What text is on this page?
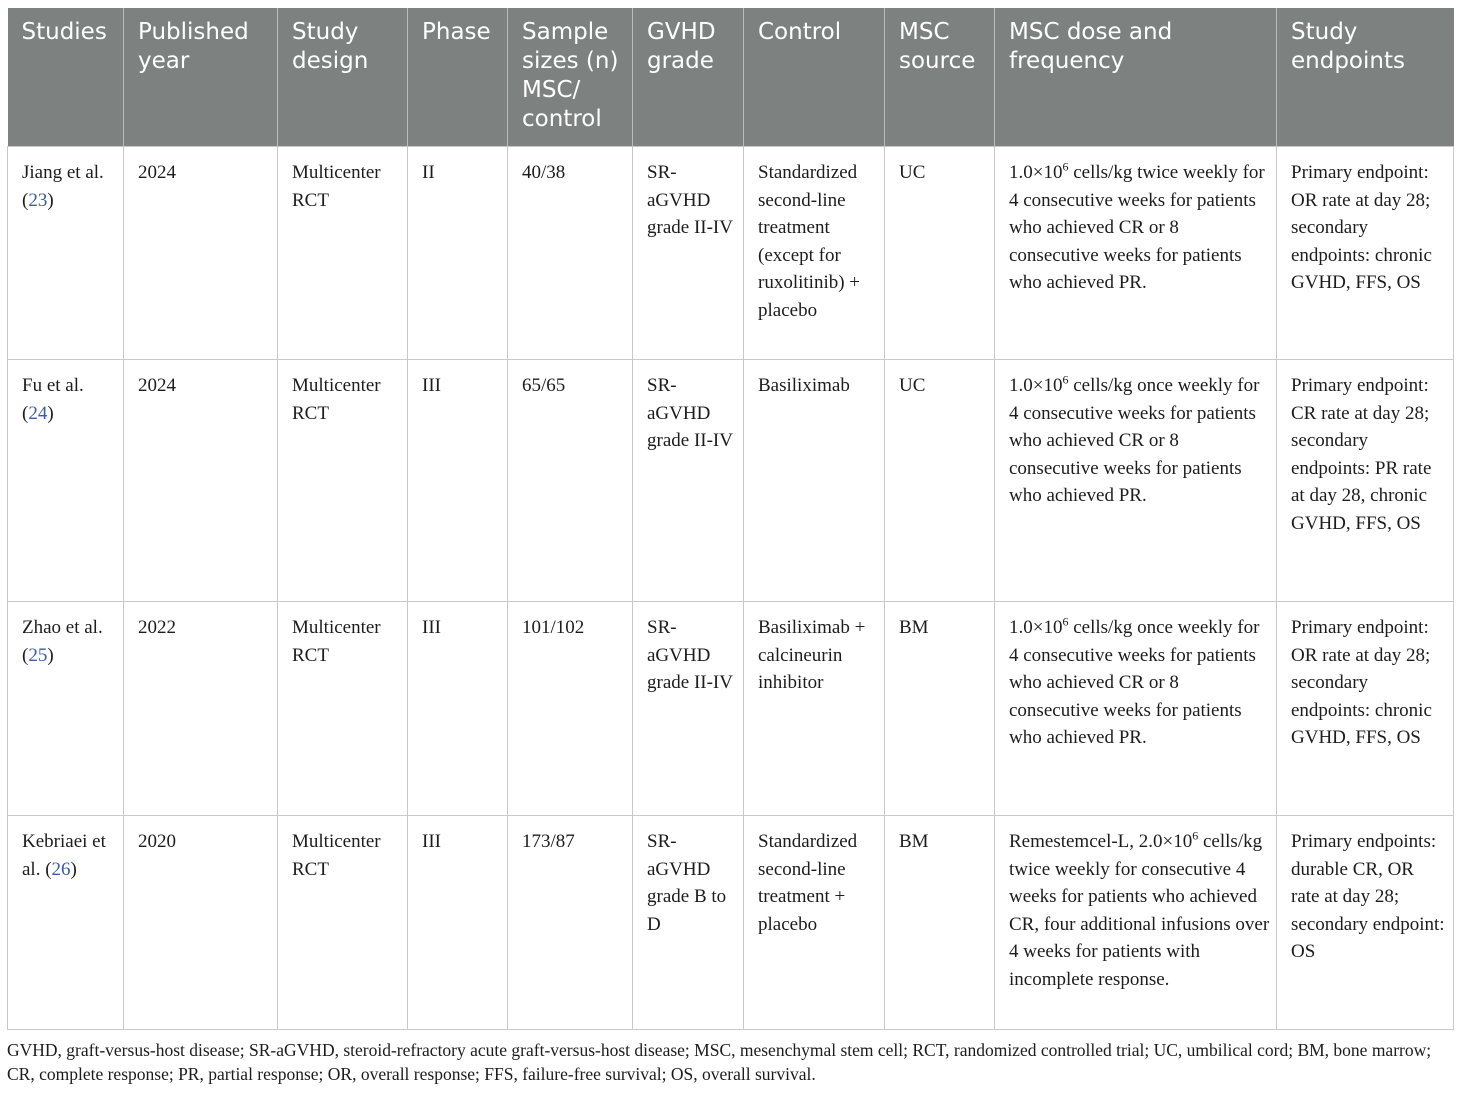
Studies	Published year	Study design	Phase	Sample sizes (n) MSC/ control	GVHD grade	Control	MSC source	MSC dose and frequency	Study endpoints
Jiang et al. (23)	2024	Multicenter RCT	II	40/38	SR-aGVHD grade II-IV	Standardized second-line treatment (except for ruxolitinib) + placebo	UC	$1.0\times 10^6$ cells/kg twice weekly for 4 consecutive weeks for patients who achieved CR or 8 consecutive weeks for patients who achieved PR.	Primary endpoint: OR rate at day 28; secondary endpoints: chronic GVHD, FFS, OS
Fu et al. (24)	2024	Multicenter RCT	III	65/65	SR-aGVHD grade II-IV	Basiliximab	UC	$1.0\times 10^6$ cells/kg once weekly for 4 consecutive weeks for patients who achieved CR or 8 consecutive weeks for patients who achieved PR.	Primary endpoint: CR rate at day 28; secondary endpoints: PR rate at day 28, chronic GVHD, FFS, OS
Zhao et al. (25)	2022	Multicenter RCT	III	101/102	SR-aGVHD grade II-IV	Basiliximab + calcineurin inhibitor	BM	$1.0\times 10^6$ cells/kg once weekly for 4 consecutive weeks for patients who achieved CR or 8 consecutive weeks for patients who achieved PR.	Primary endpoint: OR rate at day 28; secondary endpoints: chronic GVHD, FFS, OS
Kebriaei et al. (26)	2020	Multicenter RCT	III	173/87	SR-aGVHD grade B to D	Standardized second-line treatment + placebo	BM	Remestemcel-L, $2.0\times 10^6$ cells/kg twice weekly for consecutive 4 weeks for patients who achieved CR, four additional infusions over 4 weeks for patients with incomplete response.	Primary endpoints: durable CR, OR rate at day 28; secondary endpoint: OS
GVHD, graft-versus-host disease; SR-aGVHD, steroid-refractory acute graft-versus-host disease; MSC, mesenchymal stem cell; RCT, randomized controlled trial; UC, umbilical cord; BM, bone marrow; CR, complete response; PR, partial response; OR, overall response; FFS, failure-free survival; OS, overall survival.
